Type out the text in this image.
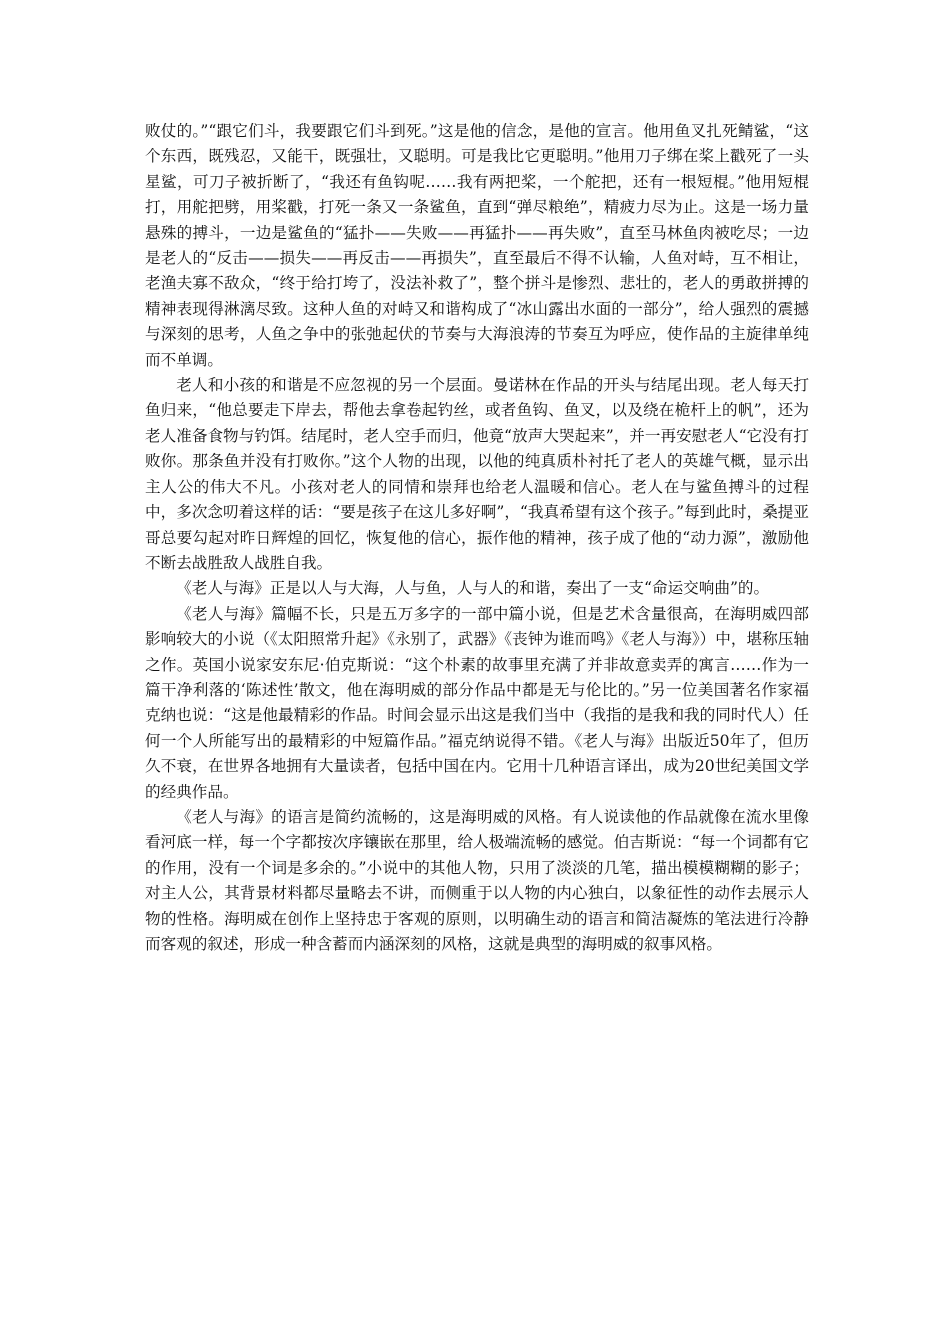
败仗的。”“跟它们斗，我要跟它们斗到死。”这是他的信念，是他的宣言。他用鱼叉扎死鲭鲨，“这个东西，既残忍，又能干，既强壮，又聪明。可是我比它更聪明。”他用刀子绑在桨上戳死了一头星鲨，可刀子被折断了，“我还有鱼钩呢……我有两把桨，一个舵把，还有一根短棍。”他用短棍打，用舵把劈，用桨戳，打死一条又一条鲨鱼，直到“弹尽粮绝”，精疲力尽为止。这是一场力量悬殊的搏斗，一边是鲨鱼的“猛扑——失败——再猛扑——再失败”，直至马林鱼肉被吃尽；一边是老人的“反击——损失——再反击——再损失”，直至最后不得不认输，人鱼对峙，互不相让，老渔夫寡不敌众，“终于给打垮了，没法补救了”，整个拼斗是惨烈、悲壮的，老人的勇敢拼搏的精神表现得淋漓尽致。这种人鱼的对峙又和谐构成了“冰山露出水面的一部分”，给人强烈的震撼与深刻的思考，人鱼之争中的张弛起伏的节奏与大海浪涛的节奏互为呼应，使作品的主旋律单纯而不单调。

老人和小孩的和谐是不应忽视的另一个层面。曼诺林在作品的开头与结尾出现。老人每天打鱼归来，“他总要走下岸去，帮他去拿卷起钓丝，或者鱼钩、鱼叉，以及绕在桅杆上的帆”，还为老人准备食物与钓饵。结尾时，老人空手而归，他竟“放声大哭起来”，并一再安慰老人“它没有打败你。那条鱼并没有打败你。”这个人物的出现，以他的纯真质朴衬托了老人的英雄气概，显示出主人公的伟大不凡。小孩对老人的同情和崇拜也给老人温暖和信心。老人在与鲨鱼搏斗的过程中，多次念叨着这样的话：“要是孩子在这儿多好啊”，“我真希望有这个孩子。”每到此时，桑提亚哥总要勾起对昨日辉煌的回忆，恢复他的信心，振作他的精神，孩子成了他的“动力源”，激励他不断去战胜敌人战胜自我。

《老人与海》正是以人与大海，人与鱼，人与人的和谐，奏出了一支“命运交响曲”的。

《老人与海》篇幅不长，只是五万多字的一部中篇小说，但是艺术含量很高，在海明威四部影响较大的小说（《太阳照常升起》《永别了，武器》《丧钟为谁而鸣》《老人与海》）中，堪称压轴之作。英国小说家安东尼·伯克斯说：“这个朴素的故事里充满了并非故意卖弄的寓言……作为一篇干净利落的‘陈述性’散文，他在海明威的部分作品中都是无与伦比的。”另一位美国著名作家福克纳也说：“这是他最精彩的作品。时间会显示出这是我们当中（我指的是我和我的同时代人）任何一个人所能写出的最精彩的中短篇作品。”福克纳说得不错。《老人与海》出版近50年了，但历久不衰，在世界各地拥有大量读者，包括中国在内。它用十几种语言译出，成为20世纪美国文学的经典作品。

《老人与海》的语言是简约流畅的，这是海明威的风格。有人说读他的作品就像在流水里像看河底一样，每一个字都按次序镶嵌在那里，给人极端流畅的感觉。伯吉斯说：“每一个词都有它的作用，没有一个词是多余的。”小说中的其他人物，只用了淡淡的几笔，描出模模糊糊的影子；对主人公，其背景材料都尽量略去不讲，而侧重于以人物的内心独白，以象征性的动作去展示人物的性格。海明威在创作上坚持忠于客观的原则，以明确生动的语言和简洁凝炼的笔法进行冷静而客观的叙述，形成一种含蓄而内涵深刻的风格，这就是典型的海明威的叙事风格。
